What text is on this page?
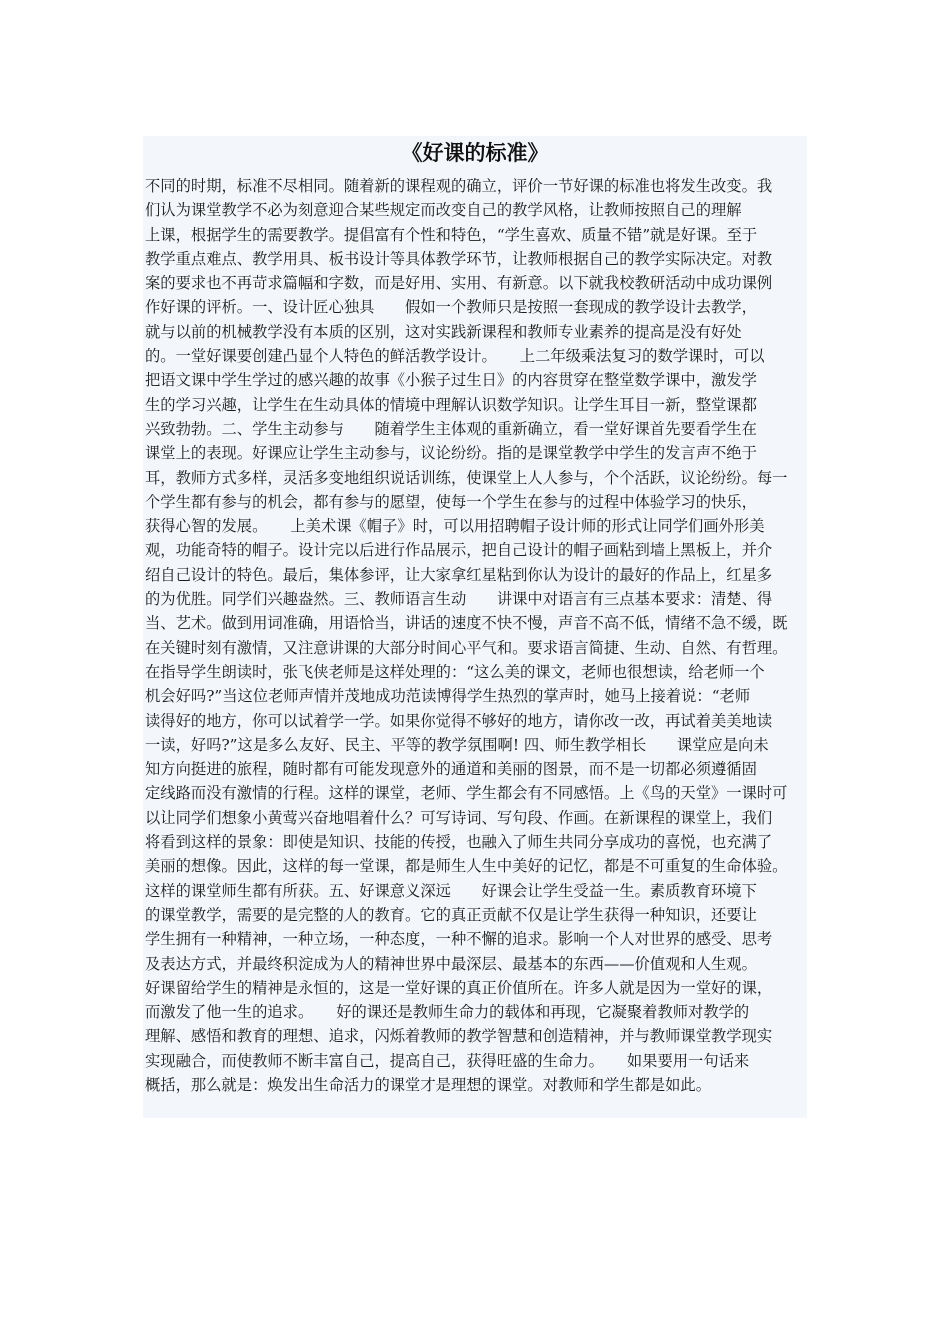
《好课的标准》
不同的时期，标准不尽相同。随着新的课程观的确立，评价一节好课的标准也将发生改变。我
们认为课堂教学不必为刻意迎合某些规定而改变自己的教学风格，让教师按照自己的理解
上课，根据学生的需要教学。提倡富有个性和特色，“学生喜欢、质量不错”就是好课。至于
教学重点难点、教学用具、板书设计等具体教学环节，让教师根据自己的教学实际决定。对教
案的要求也不再苛求篇幅和字数，而是好用、实用、有新意。以下就我校教研活动中成功课例
作好课的评析。一、设计匠心独具　　假如一个教师只是按照一套现成的教学设计去教学，
就与以前的机械教学没有本质的区别，这对实践新课程和教师专业素养的提高是没有好处
的。一堂好课要创建凸显个人特色的鲜活教学设计。　　上二年级乘法复习的数学课时，可以
把语文课中学生学过的感兴趣的故事《小猴子过生日》的内容贯穿在整堂数学课中，激发学
生的学习兴趣，让学生在生动具体的情境中理解认识数学知识。让学生耳目一新，整堂课都
兴致勃勃。二、学生主动参与　　随着学生主体观的重新确立，看一堂好课首先要看学生在
课堂上的表现。好课应让学生主动参与，议论纷纷。指的是课堂教学中学生的发言声不绝于
耳，教师方式多样，灵活多变地组织说话训练，使课堂上人人参与，个个活跃，议论纷纷。每一
个学生都有参与的机会，都有参与的愿望，使每一个学生在参与的过程中体验学习的快乐，
获得心智的发展。　　上美术课《帽子》时，可以用招聘帽子设计师的形式让同学们画外形美
观，功能奇特的帽子。设计完以后进行作品展示，把自己设计的帽子画粘到墙上黑板上，并介
绍自己设计的特色。最后，集体参评，让大家拿红星粘到你认为设计的最好的作品上，红星多
的为优胜。同学们兴趣盎然。三、教师语言生动　　讲课中对语言有三点基本要求：清楚、得
当、艺术。做到用词准确，用语恰当，讲话的速度不快不慢，声音不高不低，情绪不急不缓，既
在关键时刻有激情，又注意讲课的大部分时间心平气和。要求语言简捷、生动、自然、有哲理。
在指导学生朗读时，张飞侠老师是这样处理的：“这么美的课文，老师也很想读，给老师一个
机会好吗?”当这位老师声情并茂地成功范读博得学生热烈的掌声时，她马上接着说：“老师
读得好的地方，你可以试着学一学。如果你觉得不够好的地方，请你改一改，再试着美美地读
一读，好吗?”这是多么友好、民主、平等的教学氛围啊! 四、师生教学相长　　课堂应是向未
知方向挺进的旅程，随时都有可能发现意外的通道和美丽的图景，而不是一切都必须遵循固
定线路而没有激情的行程。这样的课堂，老师、学生都会有不同感悟。上《鸟的天堂》一课时可
以让同学们想象小黄莺兴奋地唱着什么？可写诗词、写句段、作画。在新课程的课堂上，我们
将看到这样的景象：即使是知识、技能的传授，也融入了师生共同分享成功的喜悦，也充满了
美丽的想像。因此，这样的每一堂课，都是师生人生中美好的记忆，都是不可重复的生命体验。
这样的课堂师生都有所获。五、好课意义深远　　好课会让学生受益一生。素质教育环境下
的课堂教学，需要的是完整的人的教育。它的真正贡献不仅是让学生获得一种知识，还要让
学生拥有一种精神，一种立场，一种态度，一种不懈的追求。影响一个人对世界的感受、思考
及表达方式，并最终积淀成为人的精神世界中最深层、最基本的东西——价值观和人生观。
好课留给学生的精神是永恒的，这是一堂好课的真正价值所在。许多人就是因为一堂好的课，
而激发了他一生的追求。　　好的课还是教师生命力的载体和再现，它凝聚着教师对教学的
理解、感悟和教育的理想、追求，闪烁着教师的教学智慧和创造精神，并与教师课堂教学现实
实现融合，而使教师不断丰富自己，提高自己，获得旺盛的生命力。　　如果要用一句话来
概括，那么就是：焕发出生命活力的课堂才是理想的课堂。对教师和学生都是如此。
